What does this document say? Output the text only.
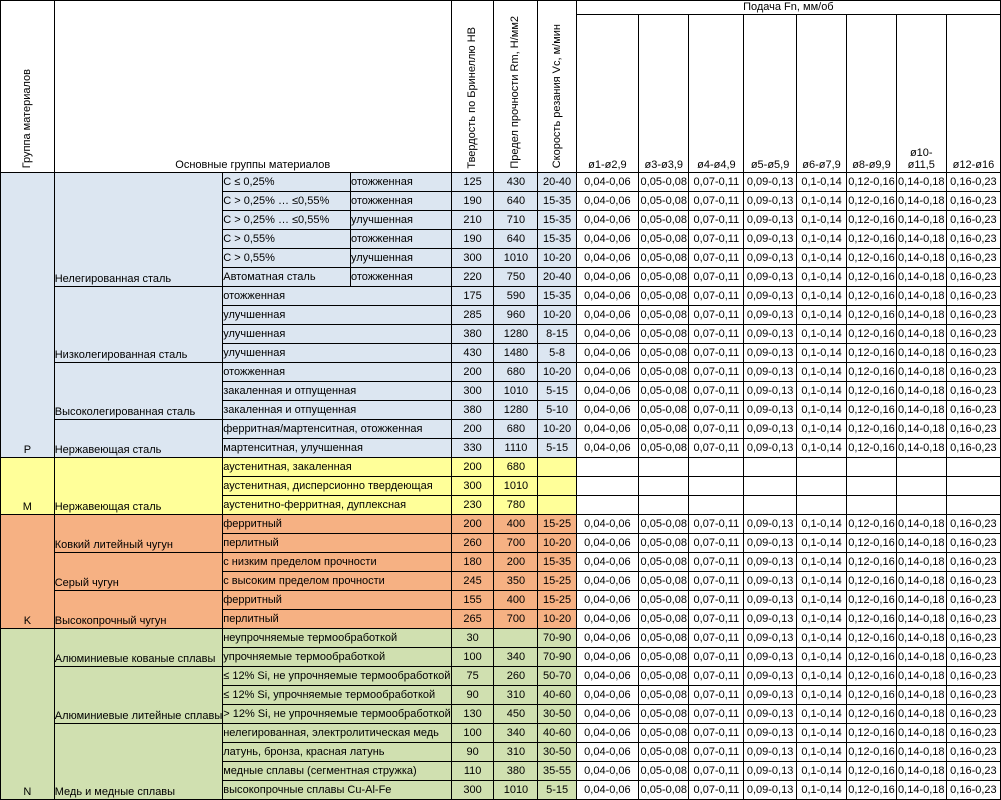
Группа материалов	Основные группы материалов			Твердость по Бринеллю HB	Предел прочности Rm, Н/мм2	Скорость резания Vc, м/мин	Подача Fn, мм/об							
							ø1-ø2,9	ø3-ø3,9	ø4-ø4,9	ø5-ø5,9	ø6-ø7,9	ø8-ø9,9	ø10-ø11,5	ø12-ø16
P	Нелегированная сталь	C ≤ 0,25%	отожженная	125	430	20-40	0,04-0,06	0,05-0,08	0,07-0,11	0,09-0,13	0,1-0,14	0,12-0,16	0,14-0,18	0,16-0,23
		C > 0,25% … ≤0,55%	отожженная	190	640	15-35	0,04-0,06	0,05-0,08	0,07-0,11	0,09-0,13	0,1-0,14	0,12-0,16	0,14-0,18	0,16-0,23
		C > 0,25% … ≤0,55%	улучшенная	210	710	15-35	0,04-0,06	0,05-0,08	0,07-0,11	0,09-0,13	0,1-0,14	0,12-0,16	0,14-0,18	0,16-0,23
		C > 0,55%	отожженная	190	640	15-35	0,04-0,06	0,05-0,08	0,07-0,11	0,09-0,13	0,1-0,14	0,12-0,16	0,14-0,18	0,16-0,23
		C > 0,55%	улучшенная	300	1010	10-20	0,04-0,06	0,05-0,08	0,07-0,11	0,09-0,13	0,1-0,14	0,12-0,16	0,14-0,18	0,16-0,23
		Автоматная сталь	отожженная	220	750	20-40	0,04-0,06	0,05-0,08	0,07-0,11	0,09-0,13	0,1-0,14	0,12-0,16	0,14-0,18	0,16-0,23
	Низколегированная сталь	отожженная		175	590	15-35	0,04-0,06	0,05-0,08	0,07-0,11	0,09-0,13	0,1-0,14	0,12-0,16	0,14-0,18	0,16-0,23
		улучшенная		285	960	10-20	0,04-0,06	0,05-0,08	0,07-0,11	0,09-0,13	0,1-0,14	0,12-0,16	0,14-0,18	0,16-0,23
		улучшенная		380	1280	8-15	0,04-0,06	0,05-0,08	0,07-0,11	0,09-0,13	0,1-0,14	0,12-0,16	0,14-0,18	0,16-0,23
		улучшенная		430	1480	5-8	0,04-0,06	0,05-0,08	0,07-0,11	0,09-0,13	0,1-0,14	0,12-0,16	0,14-0,18	0,16-0,23
	Высоколегированная сталь	отожженная		200	680	10-20	0,04-0,06	0,05-0,08	0,07-0,11	0,09-0,13	0,1-0,14	0,12-0,16	0,14-0,18	0,16-0,23
		закаленная и отпущенная		300	1010	5-15	0,04-0,06	0,05-0,08	0,07-0,11	0,09-0,13	0,1-0,14	0,12-0,16	0,14-0,18	0,16-0,23
		закаленная и отпущенная		380	1280	5-10	0,04-0,06	0,05-0,08	0,07-0,11	0,09-0,13	0,1-0,14	0,12-0,16	0,14-0,18	0,16-0,23
	Нержавеющая сталь	ферритная/мартенситная, отожженная		200	680	10-20	0,04-0,06	0,05-0,08	0,07-0,11	0,09-0,13	0,1-0,14	0,12-0,16	0,14-0,18	0,16-0,23
		мартенситная, улучшенная		330	1110	5-15	0,04-0,06	0,05-0,08	0,07-0,11	0,09-0,13	0,1-0,14	0,12-0,16	0,14-0,18	0,16-0,23
M	Нержавеющая сталь	аустенитная, закаленная		200	680									
		аустенитная, дисперсионно твердеющая		300	1010									
		аустенитно-ферритная, дуплексная		230	780									
K	Ковкий литейный чугун	ферритный		200	400	15-25	0,04-0,06	0,05-0,08	0,07-0,11	0,09-0,13	0,1-0,14	0,12-0,16	0,14-0,18	0,16-0,23
		перлитный		260	700	10-20	0,04-0,06	0,05-0,08	0,07-0,11	0,09-0,13	0,1-0,14	0,12-0,16	0,14-0,18	0,16-0,23
	Серый чугун	с низким пределом прочности		180	200	15-35	0,04-0,06	0,05-0,08	0,07-0,11	0,09-0,13	0,1-0,14	0,12-0,16	0,14-0,18	0,16-0,23
		с высоким пределом прочности		245	350	15-25	0,04-0,06	0,05-0,08	0,07-0,11	0,09-0,13	0,1-0,14	0,12-0,16	0,14-0,18	0,16-0,23
	Высокопрочный чугун	ферритный		155	400	15-25	0,04-0,06	0,05-0,08	0,07-0,11	0,09-0,13	0,1-0,14	0,12-0,16	0,14-0,18	0,16-0,23
		перлитный		265	700	10-20	0,04-0,06	0,05-0,08	0,07-0,11	0,09-0,13	0,1-0,14	0,12-0,16	0,14-0,18	0,16-0,23
N	Алюминиевые кованые сплавы	неупрочняемые термообработкой		30		70-90	0,04-0,06	0,05-0,08	0,07-0,11	0,09-0,13	0,1-0,14	0,12-0,16	0,14-0,18	0,16-0,23
		упрочняемые термообработкой		100	340	70-90	0,04-0,06	0,05-0,08	0,07-0,11	0,09-0,13	0,1-0,14	0,12-0,16	0,14-0,18	0,16-0,23
	Алюминиевые литейные сплавы	≤ 12% Si, не упрочняемые термообработкой		75	260	50-70	0,04-0,06	0,05-0,08	0,07-0,11	0,09-0,13	0,1-0,14	0,12-0,16	0,14-0,18	0,16-0,23
		≤ 12% Si, упрочняемые термообработкой		90	310	40-60	0,04-0,06	0,05-0,08	0,07-0,11	0,09-0,13	0,1-0,14	0,12-0,16	0,14-0,18	0,16-0,23
		> 12% Si, не упрочняемые термообработкой		130	450	30-50	0,04-0,06	0,05-0,08	0,07-0,11	0,09-0,13	0,1-0,14	0,12-0,16	0,14-0,18	0,16-0,23
	Медь и медные сплавы	нелегированная, электролитическая медь		100	340	40-60	0,04-0,06	0,05-0,08	0,07-0,11	0,09-0,13	0,1-0,14	0,12-0,16	0,14-0,18	0,16-0,23
		латунь, бронза, красная латунь		90	310	30-50	0,04-0,06	0,05-0,08	0,07-0,11	0,09-0,13	0,1-0,14	0,12-0,16	0,14-0,18	0,16-0,23
		медные сплавы (сегментная стружка)		110	380	35-55	0,04-0,06	0,05-0,08	0,07-0,11	0,09-0,13	0,1-0,14	0,12-0,16	0,14-0,18	0,16-0,23
		высокопрочные сплавы Cu-Al-Fe		300	1010	5-15	0,04-0,06	0,05-0,08	0,07-0,11	0,09-0,13	0,1-0,14	0,12-0,16	0,14-0,18	0,16-0,23
